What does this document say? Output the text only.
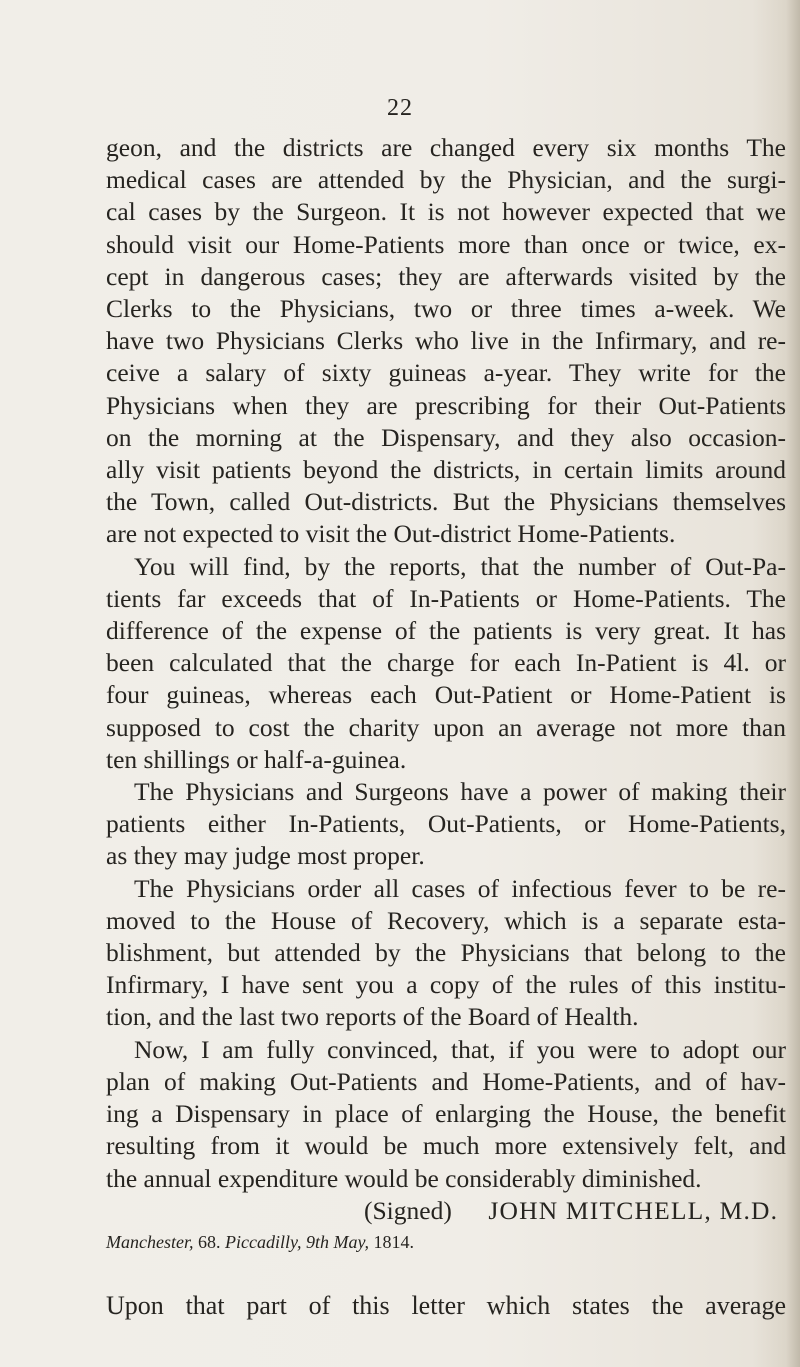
22
geon, and the districts are changed every six months The
medical cases are attended by the Physician, and the surgi-
cal cases by the Surgeon. It is not however expected that we
should visit our Home-Patients more than once or twice, ex-
cept in dangerous cases; they are afterwards visited by the
Clerks to the Physicians, two or three times a-week. We
have two Physicians Clerks who live in the Infirmary, and re-
ceive a salary of sixty guineas a-year. They write for the
Physicians when they are prescribing for their Out-Patients
on the morning at the Dispensary, and they also occasion-
ally visit patients beyond the districts, in certain limits around
the Town, called Out-districts. But the Physicians themselves
are not expected to visit the Out-district Home-Patients.
You will find, by the reports, that the number of Out-Pa-
tients far exceeds that of In-Patients or Home-Patients. The
difference of the expense of the patients is very great. It has
been calculated that the charge for each In-Patient is 4l. or
four guineas, whereas each Out-Patient or Home-Patient is
supposed to cost the charity upon an average not more than
ten shillings or half-a-guinea.
The Physicians and Surgeons have a power of making their
patients either In-Patients, Out-Patients, or Home-Patients,
as they may judge most proper.
The Physicians order all cases of infectious fever to be re-
moved to the House of Recovery, which is a separate esta-
blishment, but attended by the Physicians that belong to the
Infirmary, I have sent you a copy of the rules of this institu-
tion, and the last two reports of the Board of Health.
Now, I am fully convinced, that, if you were to adopt our
plan of making Out-Patients and Home-Patients, and of hav-
ing a Dispensary in place of enlarging the House, the benefit
resulting from it would be much more extensively felt, and
the annual expenditure would be considerably diminished.
(Signed) JOHN MITCHELL, M.D.
Manchester, 68. Piccadilly, 9th May, 1814.
Upon that part of this letter which states the average
